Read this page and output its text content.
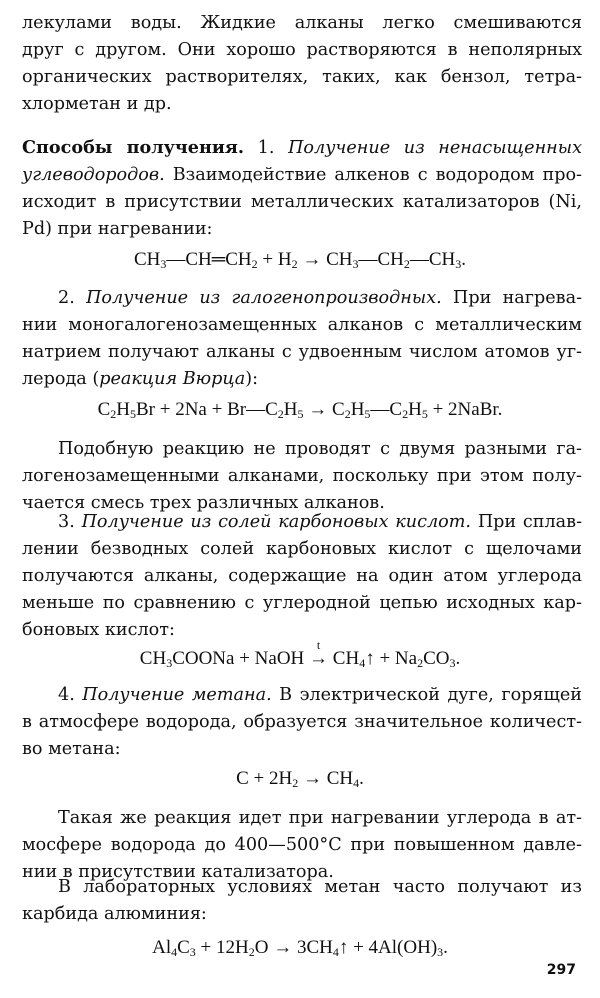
лекулами воды. Жидкие алканы легко смешиваются

друг с другом. Они хорошо растворяются в неполярных

органических растворителях, таких, как бензол, тетра-

хлорметан и др.

Способы получения. 1. Получение из ненасыщенных

углеводородов. Взаимодействие алкенов с водородом про-

исходит в присутствии металлических катализаторов (Ni,

Pd) при нагревании:

$CH_3—CH═CH_2 + H_2$ → $CH_3—CH_2—CH_3$.

2. Получение из галогенопроизводных. При нагрева-

нии моногалогенозамещенных алканов с металлическим

натрием получают алканы с удвоенным числом атомов уг-

лерода (реакция Вюрца):

$C_2H_5Br + 2Na$ + $Br—C_2H_5$ → $C_2H_5—C_2H_5$ + 2NaBr.

Подобную реакцию не проводят с двумя разными га-

логенозамещенными алканами, поскольку при этом полу-

чается смесь трех различных алканов.

3. Получение из солей карбоновых кислот. При сплав-

лении безводных солей карбоновых кислот с щелочами

получаются алканы, содержащие на один атом углерода

меньше по сравнению с углеродной цепью исходных кар-

боновых кислот:

$CH_3COONa$ + NaOH
t
→ $CH_4↑ + Na_2CO_3$.

4. Получение метана. В электрической дуге, горящей

в атмосфере водорода, образуется значительное количест-

во метана:

$C + 2H_2 \to CH_4$.

Такая же реакция идет при нагревании углерода в ат-

мосфере водорода до 400—500°С при повышенном давле-

нии в присутствии катализатора.

В лабораторных условиях метан часто получают из

карбида алюминия:

$Al_4C_3 + 12H_2O$ → $3CH_4↑ + 4Al(OH)_3$.
297
